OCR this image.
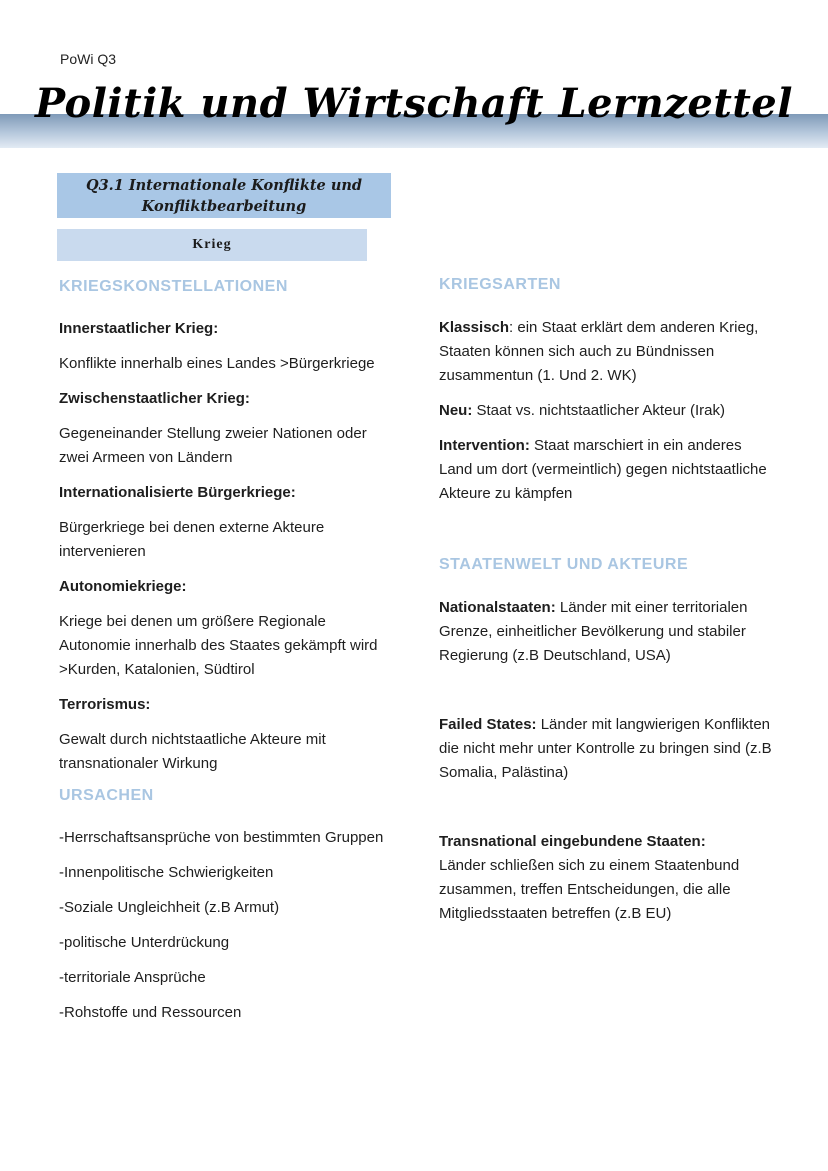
PoWi Q3
Politik und Wirtschaft Lernzettel
Q3.1 Internationale Konflikte und
Konfliktbearbeitung
Krieg
KRIEGSKONSTELLATIONEN

Innerstaatlicher Krieg:

Konflikte innerhalb eines Landes >Bürgerkriege

Zwischenstaatlicher Krieg:

Gegeneinander Stellung zweier Nationen oder zwei Armeen von Ländern

Internationalisierte Bürgerkriege:

Bürgerkriege bei denen externe Akteure intervenieren

Autonomiekriege:

Kriege bei denen um größere Regionale Autonomie innerhalb des Staates gekämpft wird >Kurden, Katalonien, Südtirol

Terrorismus:

Gewalt durch nichtstaatliche Akteure mit transnationaler Wirkung

URSACHEN

-Herrschaftsansprüche von bestimmten Gruppen

-Innenpolitische Schwierigkeiten

-Soziale Ungleichheit (z.B Armut)

-politische Unterdrückung

-territoriale Ansprüche

-Rohstoffe und Ressourcen

KRIEGSARTEN

Klassisch: ein Staat erklärt dem anderen Krieg, Staaten können sich auch zu Bündnissen zusammentun (1. Und 2. WK)

Neu: Staat vs. nichtstaatlicher Akteur (Irak)

Intervention: Staat marschiert in ein anderes Land um dort (vermeintlich) gegen nichtstaatliche Akteure zu kämpfen

STAATENWELT UND AKTEURE

Nationalstaaten: Länder mit einer territorialen Grenze, einheitlicher Bevölkerung und stabiler Regierung (z.B Deutschland, USA)

Failed States: Länder mit langwierigen Konflikten die nicht mehr unter Kontrolle zu bringen sind (z.B Somalia, Palästina)

Transnational eingebundene Staaten:

Länder schließen sich zu einem Staatenbund zusammen, treffen Entscheidungen, die alle Mitgliedsstaaten betreffen (z.B EU)
